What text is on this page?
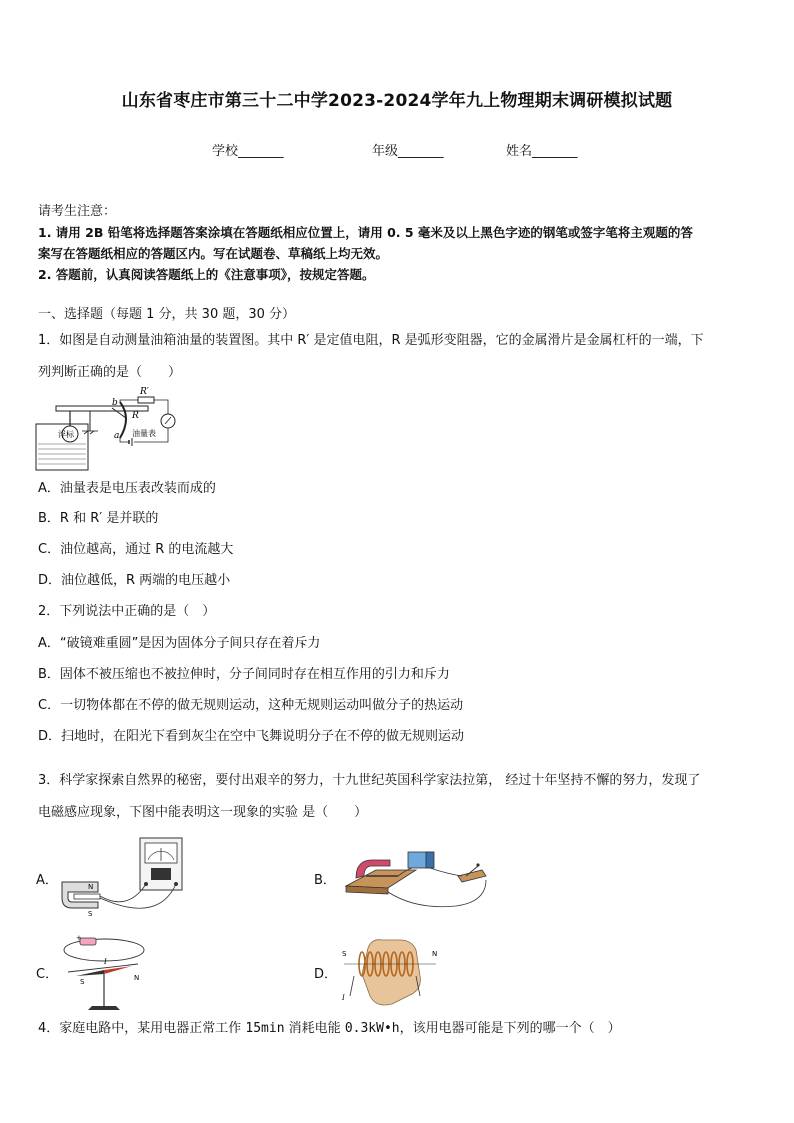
山东省枣庄市第三十二中学2023-2024学年九上物理期末调研模拟试题
学校_______	年级_______	姓名_______
请考生注意：
1. 请用 2B 铅笔将选择题答案涂填在答题纸相应位置上，请用 0. 5 毫米及以上黑色字迹的钢笔或签字笔将主观题的答
案写在答题纸相应的答题区内。写在试题卷、草稿纸上均无效。
2. 答题前，认真阅读答题纸上的《注意事项》，按规定答题。
一、选择题（每题 1 分，共 30 题，30 分）
1．如图是自动测量油箱油量的装置图。其中 R′ 是定值电阻，R 是弧形变阻器，它的金属滑片是金属杠杆的一端，下
列判断正确的是（　　）
b
a
R
R′
浮标	油量表
A．油量表是电压表改装而成的
B．R 和 R′ 是并联的
C．油位越高，通过 R 的电流越大
D．油位越低，R 两端的电压越小
2．下列说法中正确的是（　）
A．“破镜难重圆”是因为固体分子间只存在着斥力
B．固体不被压缩也不被拉伸时，分子间同时存在相互作用的引力和斥力
C．一切物体都在不停的做无规则运动，这种无规则运动叫做分子的热运动
D．扫地时，在阳光下看到灰尘在空中飞舞说明分子在不停的做无规则运动
3．科学家探索自然界的秘密，要付出艰辛的努力，十九世纪英国科学家法拉第， 经过十年坚持不懈的努力，发现了
电磁感应现象，下图中能表明这一现象的实验 是（　　）
A．	N
S
B．
C．
+
I
N
S	D．
S	N
I
4．家庭电路中，某用电器正常工作 15min 消耗电能 0.3kW•h，该用电器可能是下列的哪一个（　）
